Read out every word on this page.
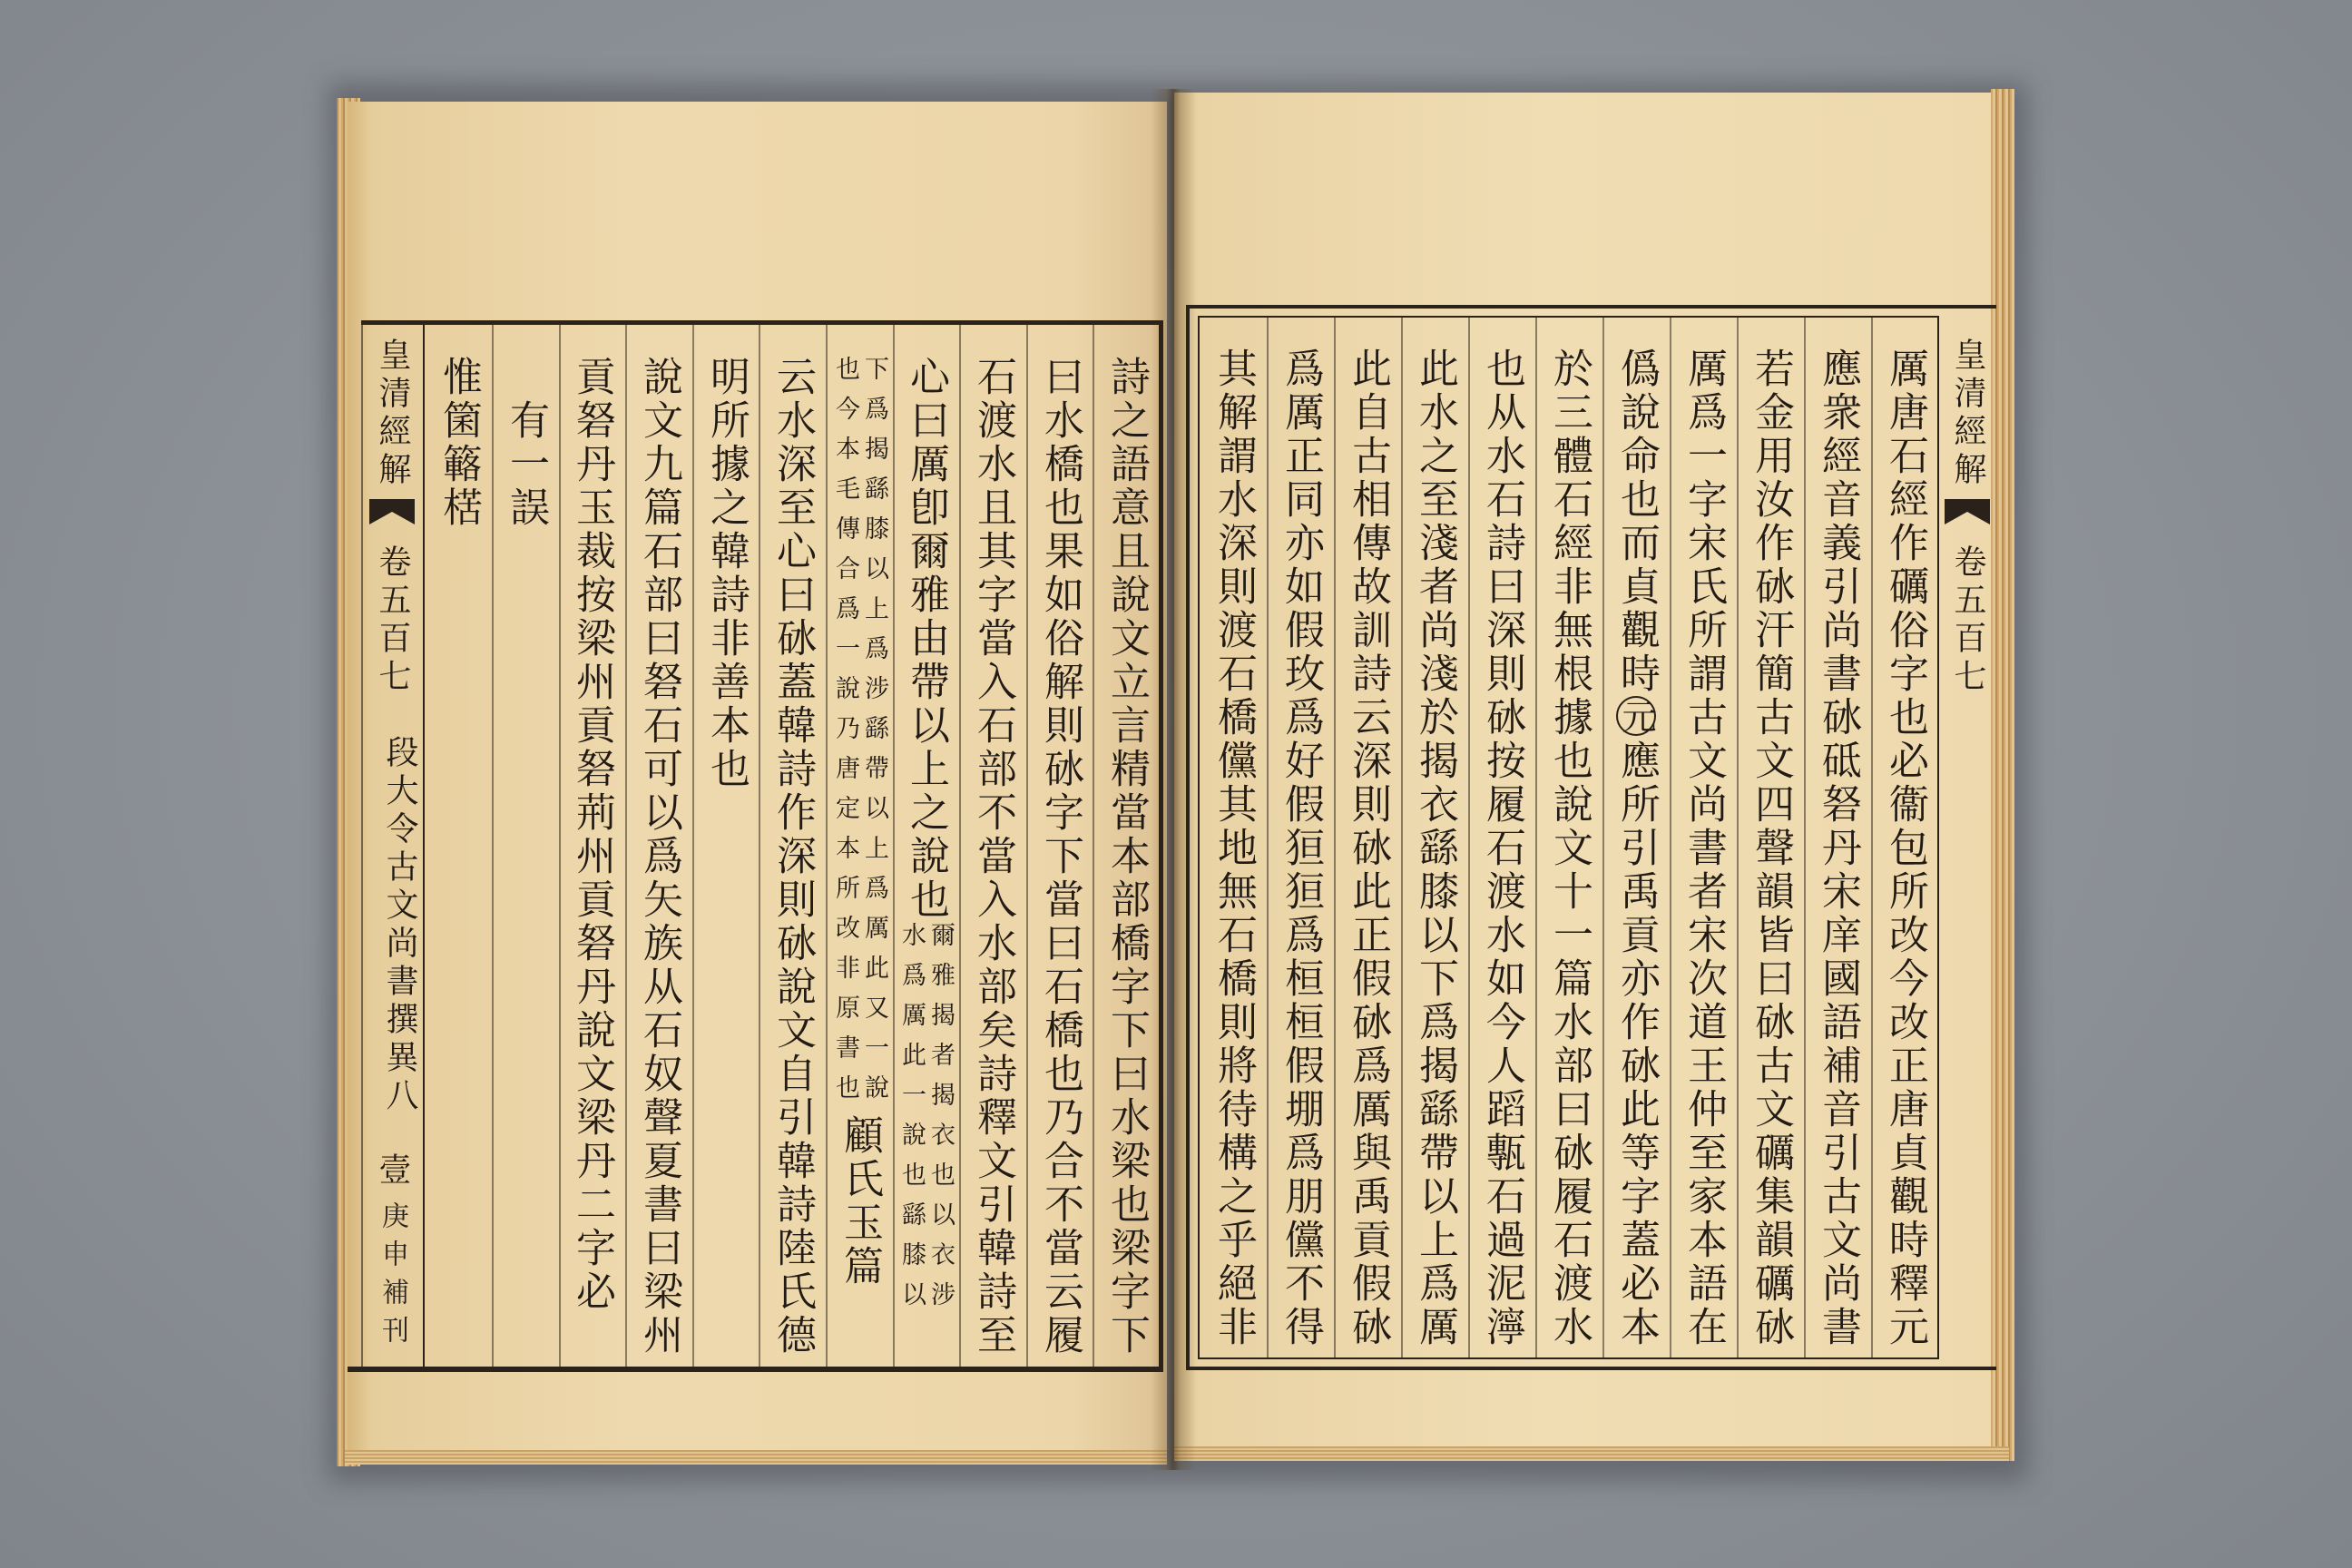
皇清經解
卷五百七
段大令古文尚書撰異八
壹
庚申補刊
皇清經解
卷五百七
詩之語意且說文立言精當本部橋字下曰水梁也梁字下
曰水橋也果如俗解則砅字下當曰石橋也乃合不當云履
石渡水且其字當入石部不當入水部矣詩釋文引韓詩至
心曰厲卽爾雅由帶以上之說也
爾雅揭者揭衣也以衣涉
水爲厲此一說也繇膝以
下爲揭繇膝以上爲涉繇帶以上爲厲此又一說
也今本毛傳合爲一說乃唐定本所改非原書也
顧氏玉篇
云水深至心曰砅蓋韓詩作深則砅說文自引韓詩陸氏德
明所據之韓詩非善本也
說文九篇石部曰砮石可以爲矢族从石奴聲夏書曰梁州
貢砮丹玉裁按梁州貢砮荊州貢砮丹說文梁丹二字必
有一誤
惟箘簵楛	厲唐石經作礪俗字也必衞包所改今改正唐貞觀時釋元
應衆經音義引尚書砅砥砮丹宋庠國語補音引古文尚書
若金用汝作砅汗簡古文四聲韻皆曰砅古文礪集韻礪砅
厲爲一字宋氏所謂古文尚書者宋次道王仲至家本語在
僞說命也而貞觀時
元
應所引禹貢亦作砅此等字蓋必本
於三體石經非無根據也說文十一篇水部曰砅履石渡水
也从水石詩曰深則砅按履石渡水如今人蹈甎石過泥濘
此水之至淺者尚淺於揭衣繇膝以下爲揭繇帶以上爲厲
此自古相傳故訓詩云深則砅此正假砅爲厲與禹貢假砅
爲厲正同亦如假玫爲好假狟狟爲桓桓假堋爲朋儻不得
其解謂水深則渡石橋儻其地無石橋則將待構之乎絕非
